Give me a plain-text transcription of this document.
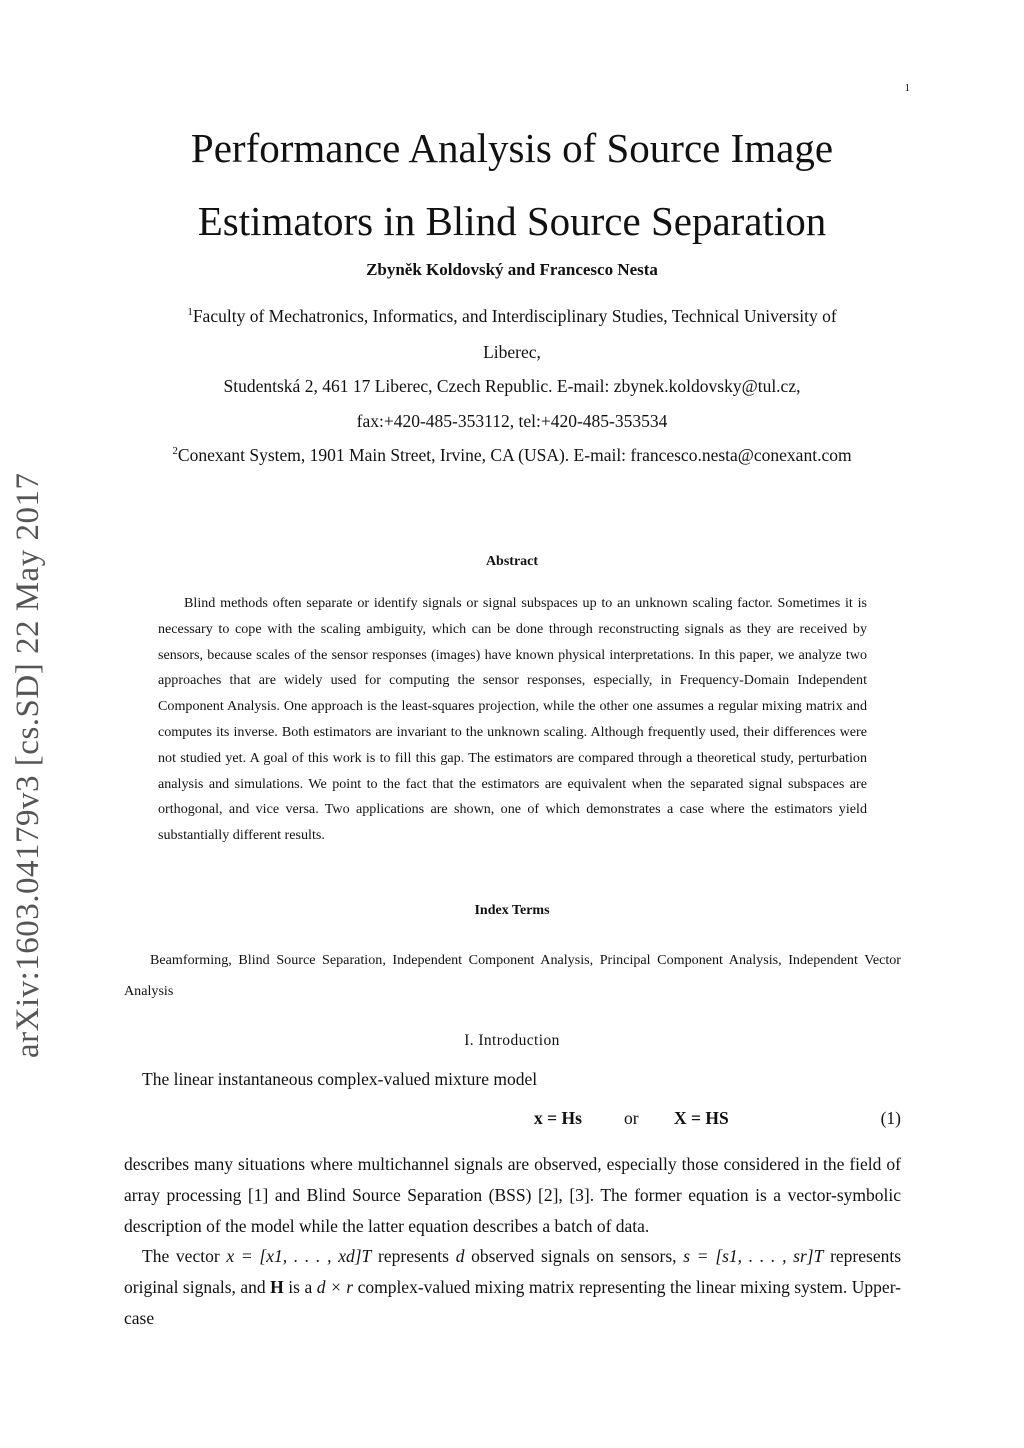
1
arXiv:1603.04179v3 [cs.SD] 22 May 2017
Performance Analysis of Source Image
Estimators in Blind Source Separation
Zbyněk Koldovský and Francesco Nesta
$^1$Faculty of Mechatronics, Informatics, and Interdisciplinary Studies, Technical University of
Liberec,
Studentská 2, 461 17 Liberec, Czech Republic. E-mail: zbynek.koldovsky@tul.cz,
fax:+420-485-353112, tel:+420-485-353534
$^2$Conexant System, 1901 Main Street, Irvine, CA (USA). E-mail: francesco.nesta@conexant.com
Abstract
Blind methods often separate or identify signals or signal subspaces up to an unknown scaling factor. Sometimes it is necessary to cope with the scaling ambiguity, which can be done through reconstructing signals as they are received by sensors, because scales of the sensor responses (images) have known physical interpretations. In this paper, we analyze two approaches that are widely used for computing the sensor responses, especially, in Frequency-Domain Independent Component Analysis. One approach is the least-squares projection, while the other one assumes a regular mixing matrix and computes its inverse. Both estimators are invariant to the unknown scaling. Although frequently used, their differences were not studied yet. A goal of this work is to fill this gap. The estimators are compared through a theoretical study, perturbation analysis and simulations. We point to the fact that the estimators are equivalent when the separated signal subspaces are orthogonal, and vice versa. Two applications are shown, one of which demonstrates a case where the estimators yield substantially different results.
Index Terms
Beamforming, Blind Source Separation, Independent Component Analysis, Principal Component Analysis, Independent Vector Analysis
I. Introduction
The linear instantaneous complex-valued mixture model
x = Hs or X = HS	(1)
describes many situations where multichannel signals are observed, especially those considered in the field of array processing [1] and Blind Source Separation (BSS) [2], [3]. The former equation is a vector-symbolic description of the model while the latter equation describes a batch of data.
The vector x = [x1, . . . , xd]T represents d observed signals on sensors, s = [s1, . . . , sr]T represents original signals, and H is a d × r complex-valued mixing matrix representing the linear mixing system. Upper-case
